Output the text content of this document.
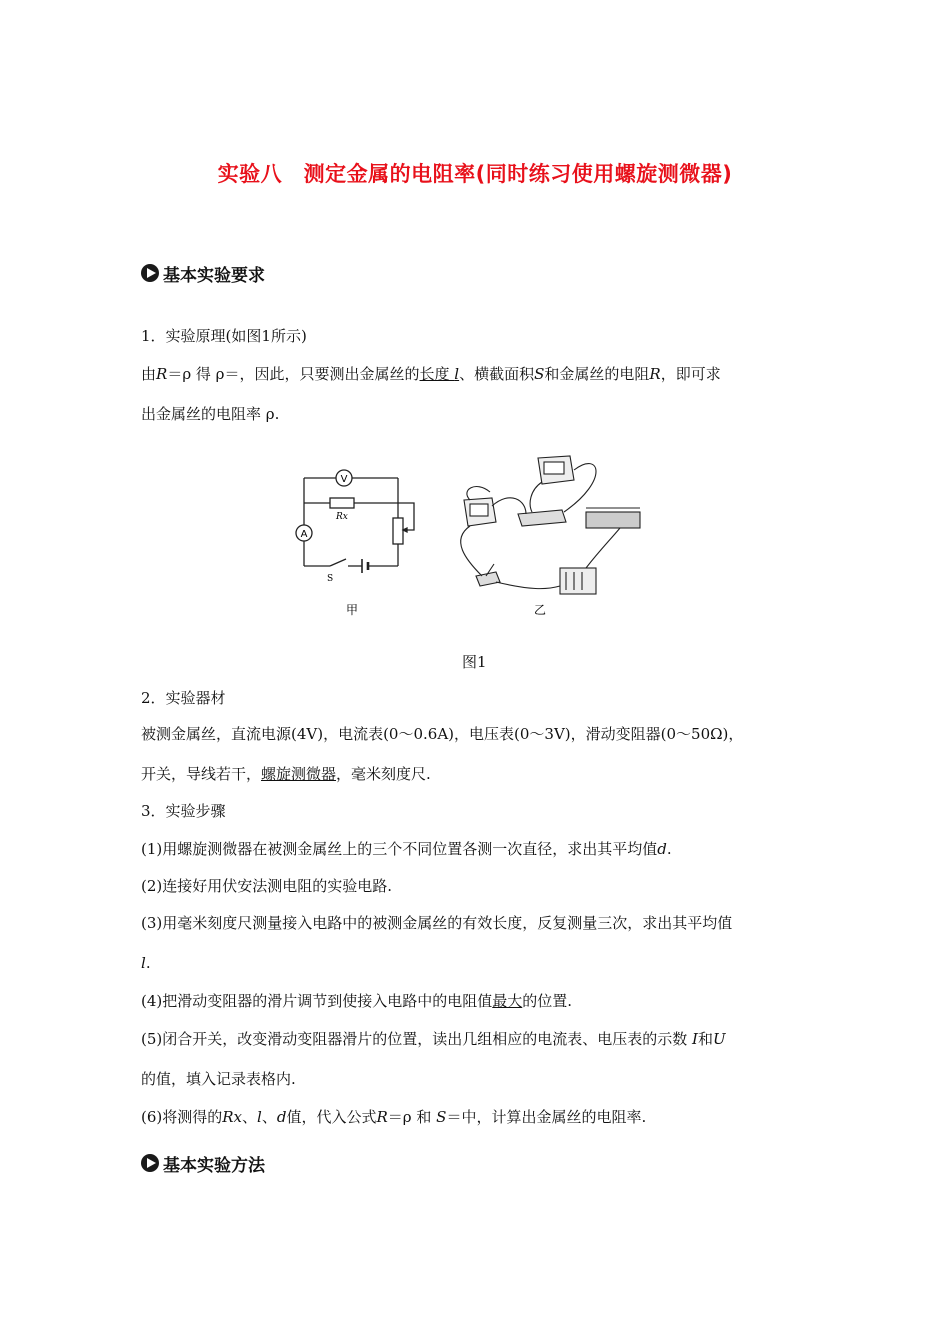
实验八　测定金属的电阻率(同时练习使用螺旋测微器)
基本实验要求
1．实验原理(如图1所示)
由R＝ρ 得 ρ＝，因此，只要测出金属丝的长度 l、横截面积S和金属丝的电阻R，即可求
出金属丝的电阻率 ρ.
V
A
Rx
S
甲	乙
图1
2．实验器材
被测金属丝，直流电源(4V)，电流表(0～0.6A)，电压表(0～3V)，滑动变阻器(0～50Ω)，
开关，导线若干，螺旋测微器，毫米刻度尺.
3．实验步骤
(1)用螺旋测微器在被测金属丝上的三个不同位置各测一次直径，求出其平均值d.
(2)连接好用伏安法测电阻的实验电路.
(3)用毫米刻度尺测量接入电路中的被测金属丝的有效长度，反复测量三次，求出其平均值
l.
(4)把滑动变阻器的滑片调节到使接入电路中的电阻值最大的位置.
(5)闭合开关，改变滑动变阻器滑片的位置，读出几组相应的电流表、电压表的示数 I和U
的值，填入记录表格内.
(6)将测得的Rx、l、d值，代入公式R＝ρ 和 S＝中，计算出金属丝的电阻率.
基本实验方法
